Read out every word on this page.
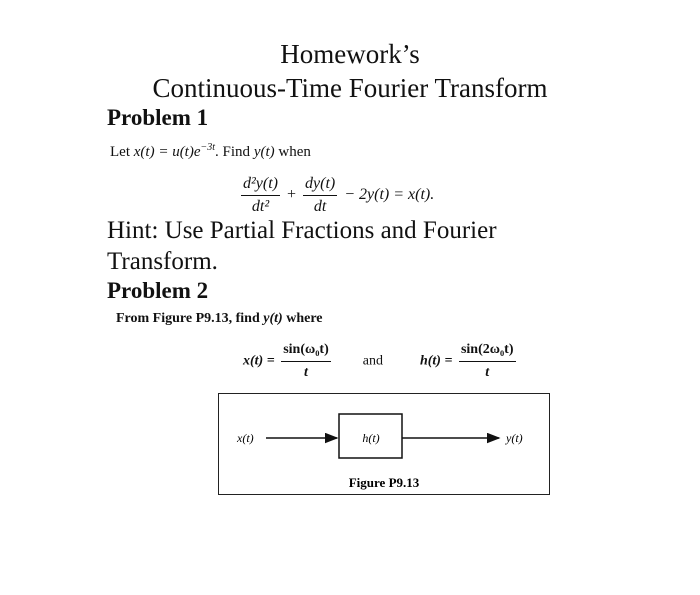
Homework’s
Continuous-Time Fourier Transform
Problem 1
Let $x(t) = u(t)e^{-3t}$. Find y(t) when
$\frac{\text{d²y(t)}}{\text{dt²}} + \frac{dy(t)}{dt} - 2y(t) = x(t)$.
Hint: Use Partial Fractions and Fourier
Transform.
Problem 2
From Figure P9.13, find y(t) where
$x(t) = \frac{\text{sin(ω₀t)}}{t}$ and	$h(t) = \frac{\text{sin(2ω₀t)}}{t}$
x(t)	h(t)	y(t)
Figure P9.13
